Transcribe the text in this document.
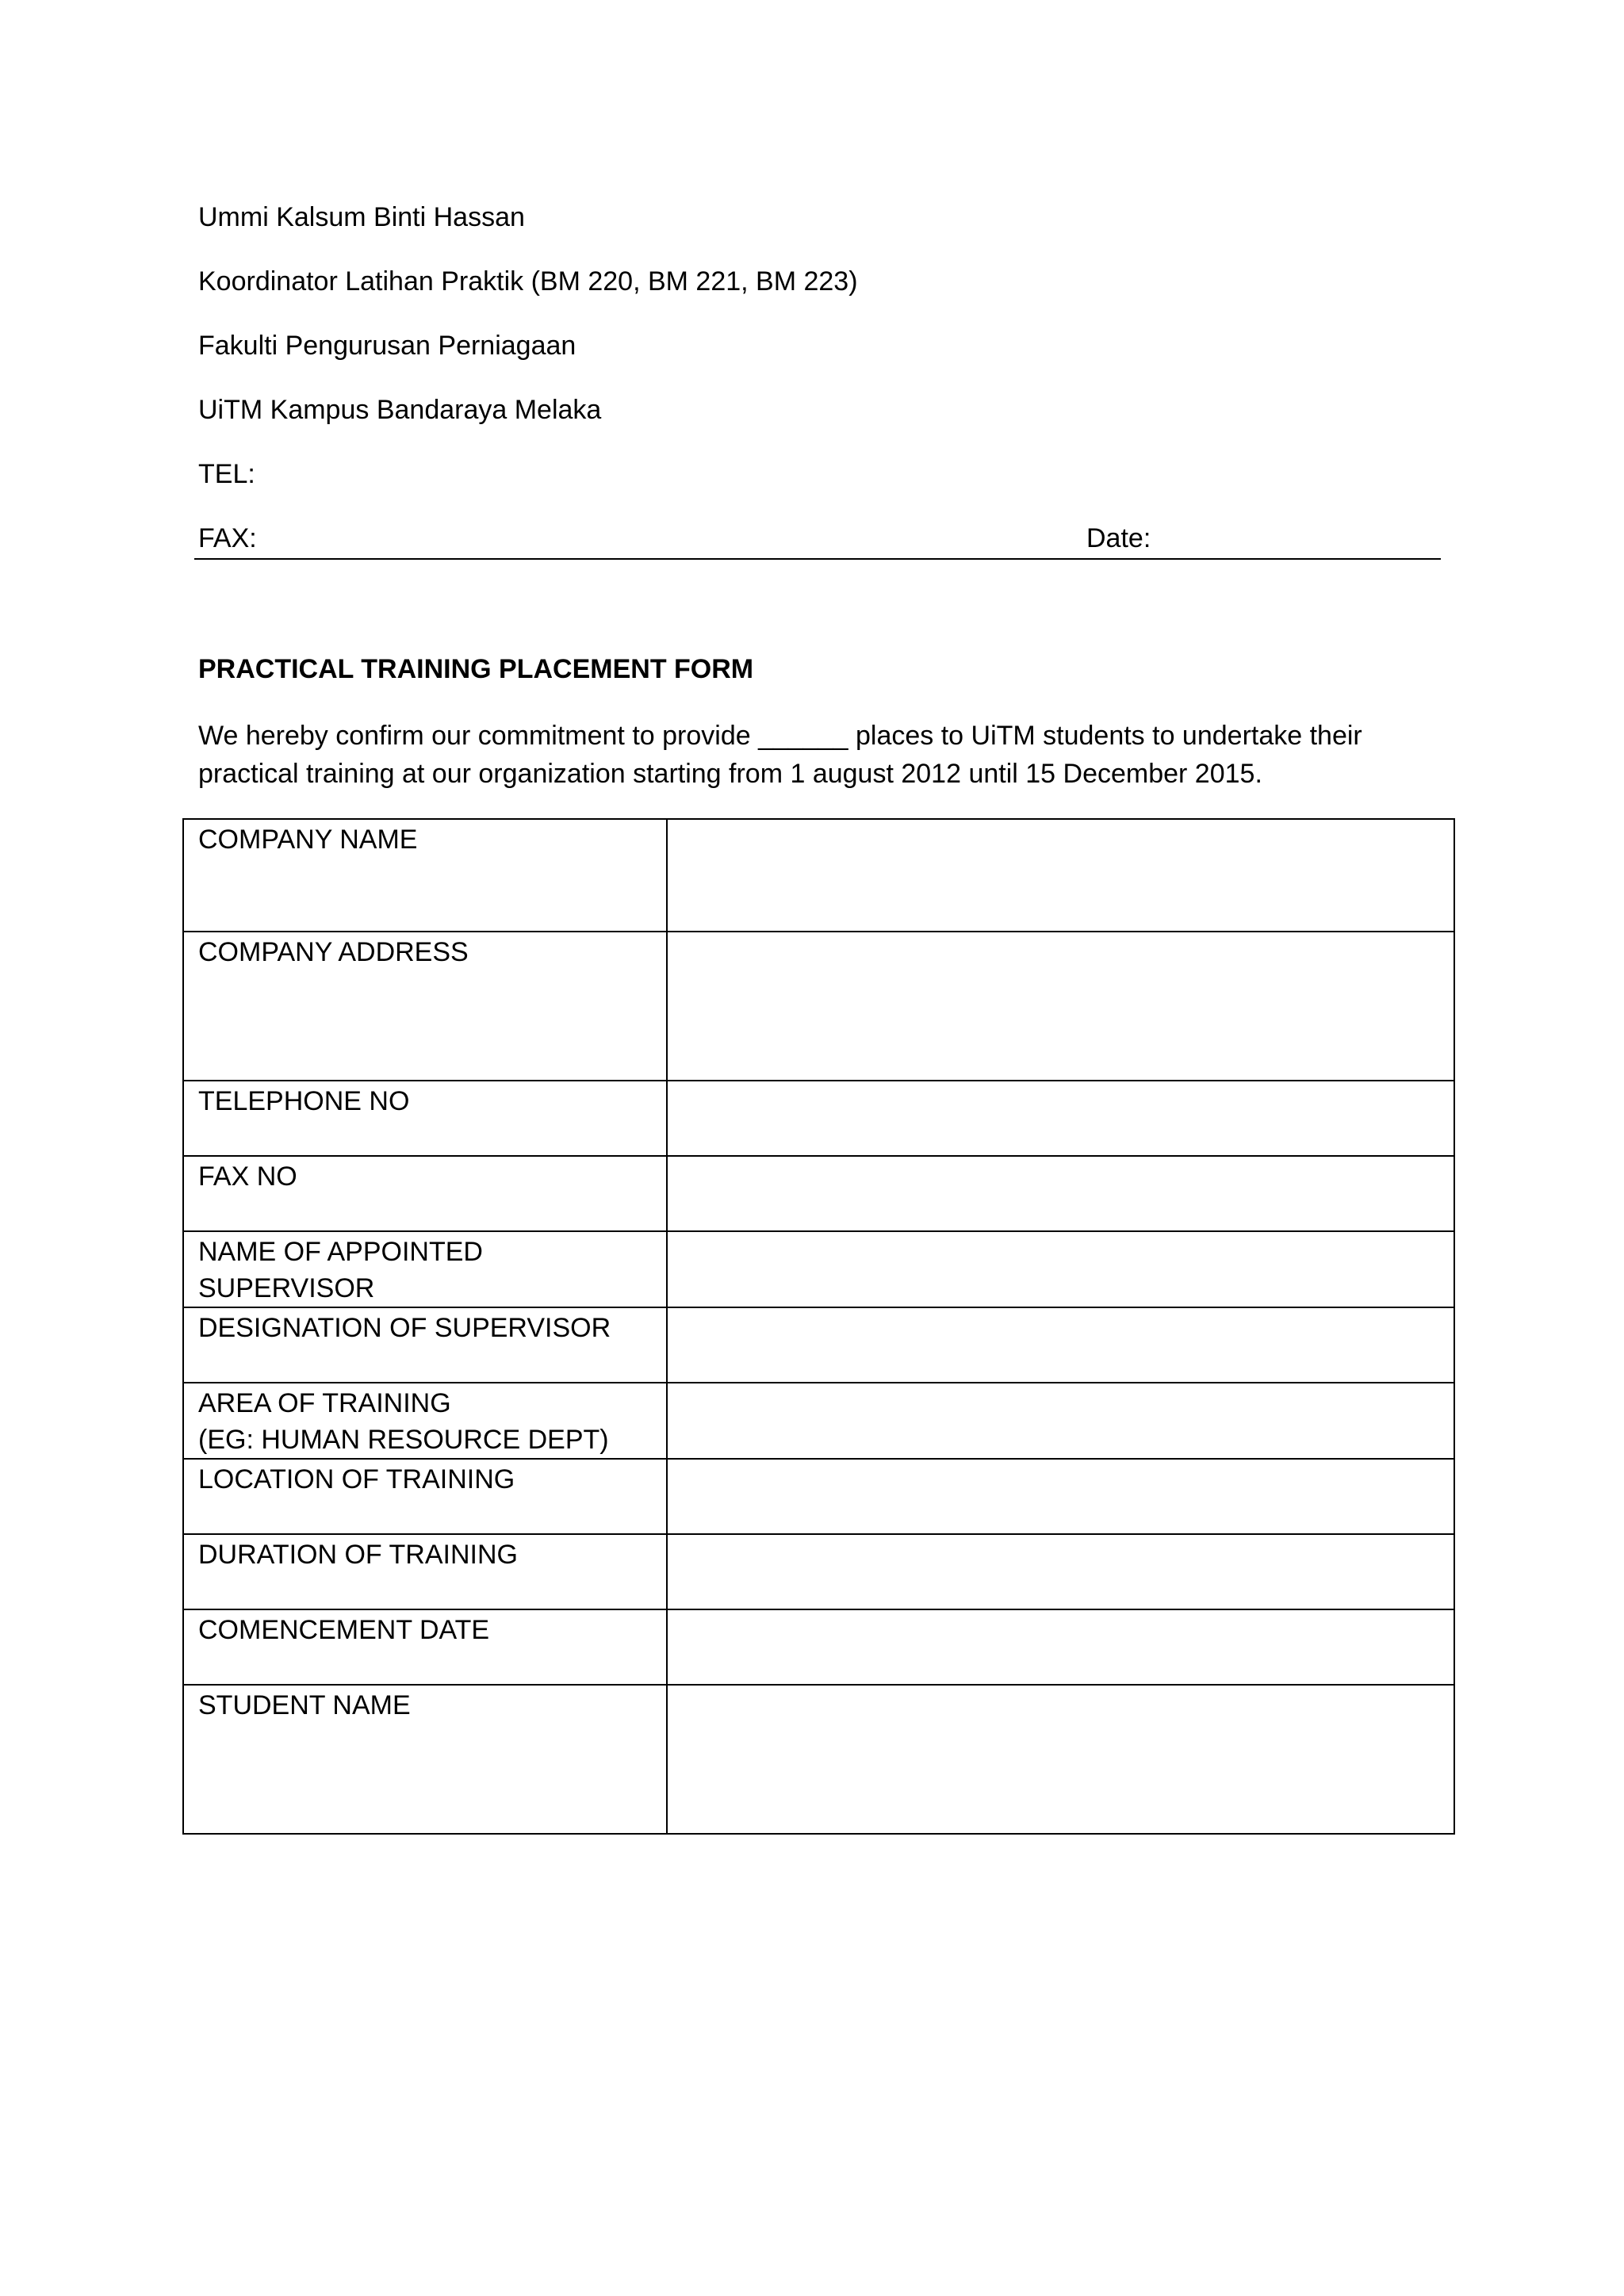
Ummi Kalsum Binti Hassan
Koordinator Latihan Praktik (BM 220, BM 221, BM 223)
Fakulti Pengurusan Perniagaan
UiTM Kampus Bandaraya Melaka
TEL:
FAX:	Date:
PRACTICAL TRAINING PLACEMENT FORM
We hereby confirm our commitment to provide ______ places to UiTM students to undertake their practical training at our organization starting from 1 august 2012 until 15 December 2015.
COMPANY NAME	

COMPANY ADDRESS	

TELEPHONE NO	

FAX NO	

NAME OF APPOINTED SUPERVISOR	

DESIGNATION OF SUPERVISOR	

AREA OF TRAINING
(EG: HUMAN RESOURCE DEPT)	

LOCATION OF TRAINING	

DURATION OF TRAINING	

COMENCEMENT DATE	

STUDENT NAME	
